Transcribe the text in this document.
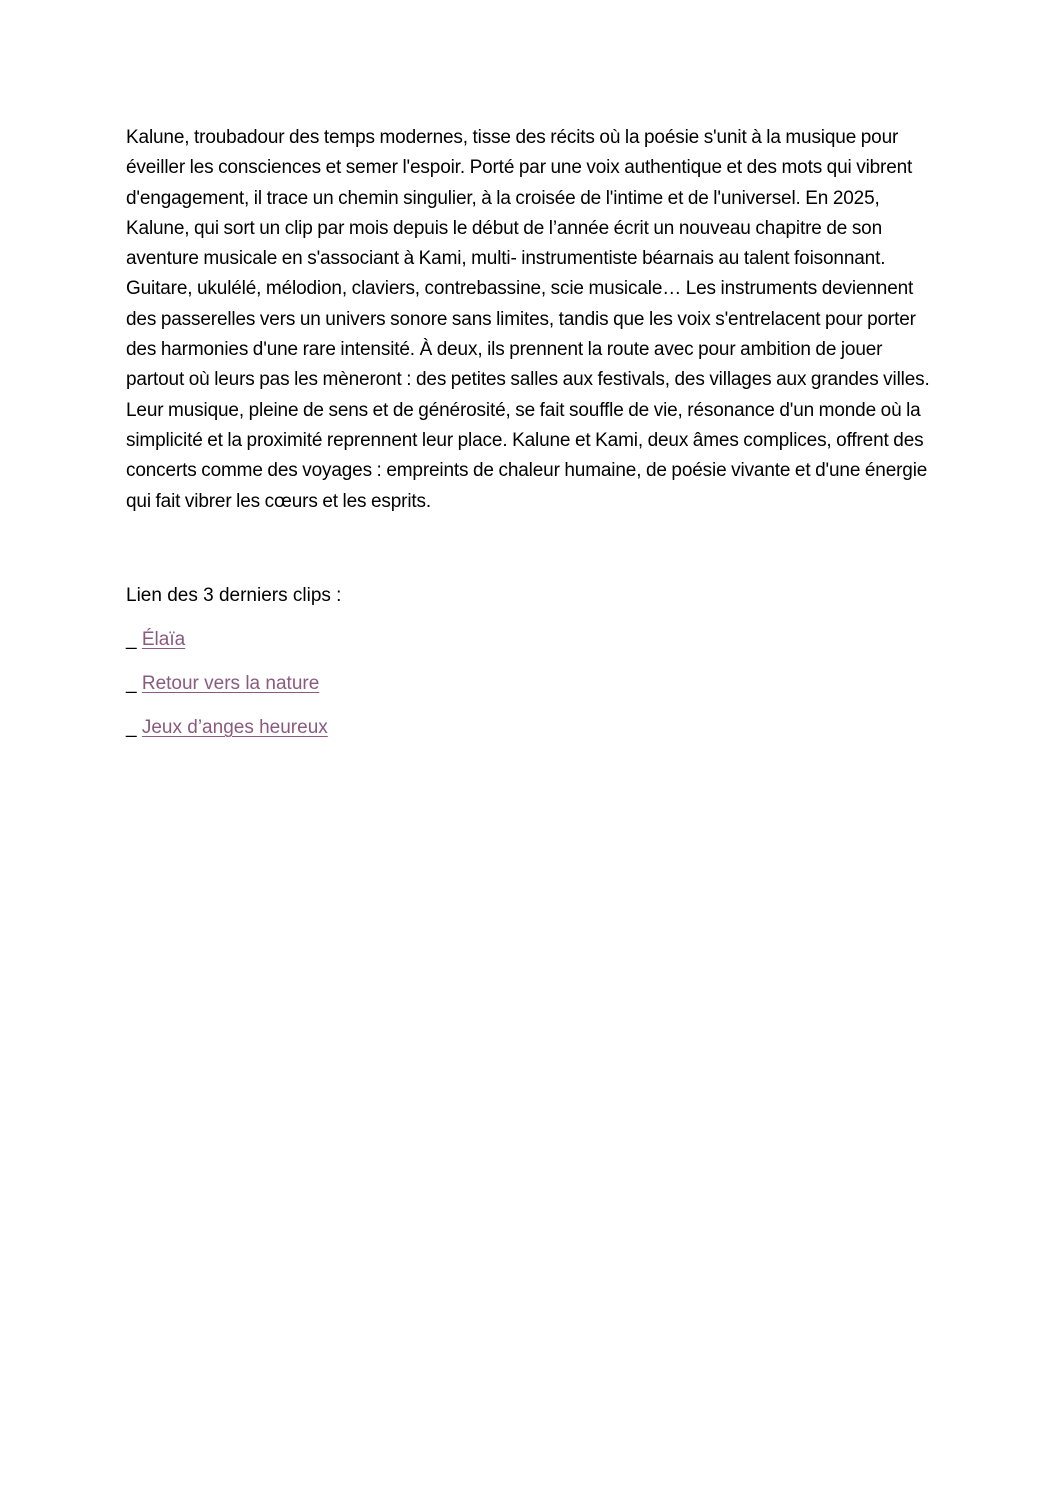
Kalune, troubadour des temps modernes, tisse des récits où la poésie s'unit à la musique pour éveiller les consciences et semer l'espoir. Porté par une voix authentique et des mots qui vibrent d'engagement, il trace un chemin singulier, à la croisée de l'intime et de l'universel. En 2025, Kalune, qui sort un clip par mois depuis le début de l’année écrit un nouveau chapitre de son aventure musicale en s'associant à Kami, multi- instrumentiste béarnais au talent foisonnant. Guitare, ukulélé, mélodion, claviers, contrebassine, scie musicale… Les instruments deviennent des passerelles vers un univers sonore sans limites, tandis que les voix s'entrelacent pour porter des harmonies d'une rare intensité. À deux, ils prennent la route avec pour ambition de jouer partout où leurs pas les mèneront : des petites salles aux festivals, des villages aux grandes villes. Leur musique, pleine de sens et de générosité, se fait souffle de vie, résonance d'un monde où la simplicité et la proximité reprennent leur place. Kalune et Kami, deux âmes complices, offrent des concerts comme des voyages : empreints de chaleur humaine, de poésie vivante et d'une énergie qui fait vibrer les cœurs et les esprits.

Lien des 3 derniers clips :

_ Élaïa

_ Retour vers la nature

_ Jeux d’anges heureux
